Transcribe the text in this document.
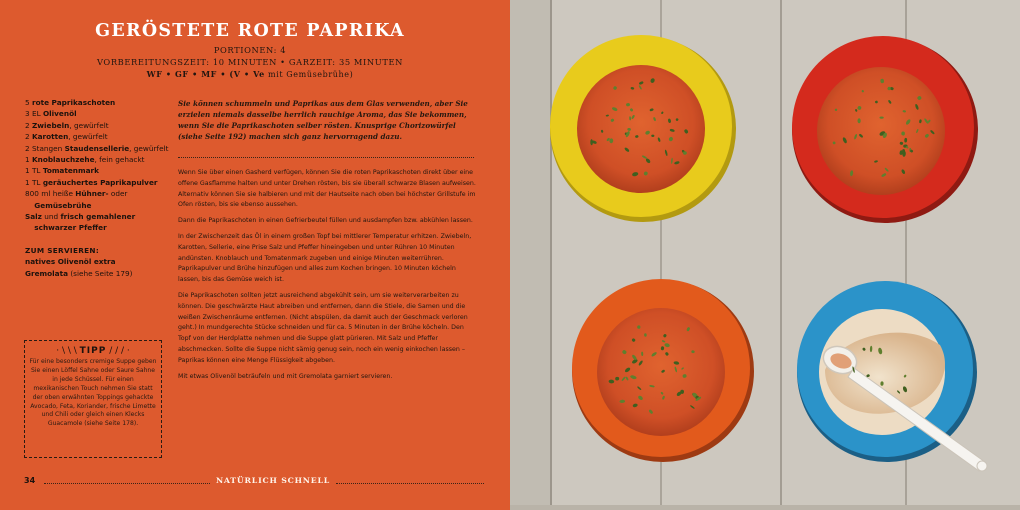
GERÖSTETE ROTE PAPRIKA
PORTIONEN: 4
VORBEREITUNGSZEIT: 10 MINUTEN • GARZEIT: 35 MINUTEN
WF • GF • MF • (V • Ve mit Gemüsebrühe)
5 rote Paprikaschoten
3 EL Olivenöl
2 Zwiebeln, gewürfelt
2 Karotten, gewürfelt
2 Stangen Staudensellerie, gewürfelt
1 Knoblauchzehe, fein gehackt
1 TL Tomatenmark
1 TL geräuchertes Paprikapulver
800 ml heiße Hühner- oder
Gemüsebrühe
Salz und frisch gemahlener
schwarzer Pfeffer
ZUM SERVIEREN:
natives Olivenöl extra
Gremolata (siehe Seite 179)
· \ \ \ TIPP / / / ·
Für eine besonders cremige Suppe geben Sie einen Löffel Sahne oder Saure Sahne in jede Schüssel. Für einen mexikanischen Touch nehmen Sie statt der oben erwähnten Toppings gehackte Avocado, Feta, Koriander, frische Limette und Chili oder gleich einen Klecks Guacamole (siehe Seite 178).
Sie können schummeln und Paprikas aus dem Glas verwenden, aber Sie erzielen niemals dasselbe herrlich rauchige Aroma, das Sie bekommen, wenn Sie die Paprikaschoten selber rösten. Knusprige Chorizowürfel (siehe Seite 192) machen sich ganz hervorragend dazu.

Wenn Sie über einen Gasherd verfügen, können Sie die roten Paprikaschoten direkt über eine offene Gasflamme halten und unter Drehen rösten, bis sie überall schwarze Blasen aufweisen. Alternativ können Sie sie halbieren und mit der Hautseite nach oben bei höchster Grillstufe im Ofen rösten, bis sie ebenso aussehen.

Dann die Paprikaschoten in einen Gefrierbeutel füllen und ausdampfen bzw. abkühlen lassen.

In der Zwischenzeit das Öl in einem großen Topf bei mittlerer Temperatur erhitzen. Zwiebeln, Karotten, Sellerie, eine Prise Salz und Pfeffer hineingeben und unter Rühren 10 Minuten andünsten. Knoblauch und Tomatenmark zugeben und einige Minuten weiterrühren. Paprikapulver und Brühe hinzufügen und alles zum Kochen bringen. 10 Minuten köcheln lassen, bis das Gemüse weich ist.

Die Paprikaschoten sollten jetzt ausreichend abgekühlt sein, um sie weiterverarbeiten zu können. Die geschwärzte Haut abreiben und entfernen, dann die Stiele, die Samen und die weißen Zwischenräume entfernen. (Nicht abspülen, da damit auch der Geschmack verloren geht.) In mundgerechte Stücke schneiden und für ca. 5 Minuten in der Brühe köcheln. Den Topf von der Herdplatte nehmen und die Suppe glatt pürieren. Mit Salz und Pfeffer abschmecken. Sollte die Suppe nicht sämig genug sein, noch ein wenig einkochen lassen – Paprikas können eine Menge Flüssigkeit abgeben.

Mit etwas Olivenöl beträufeln und mit Gremolata garniert servieren.

34	NATÜRLICH SCHNELL
